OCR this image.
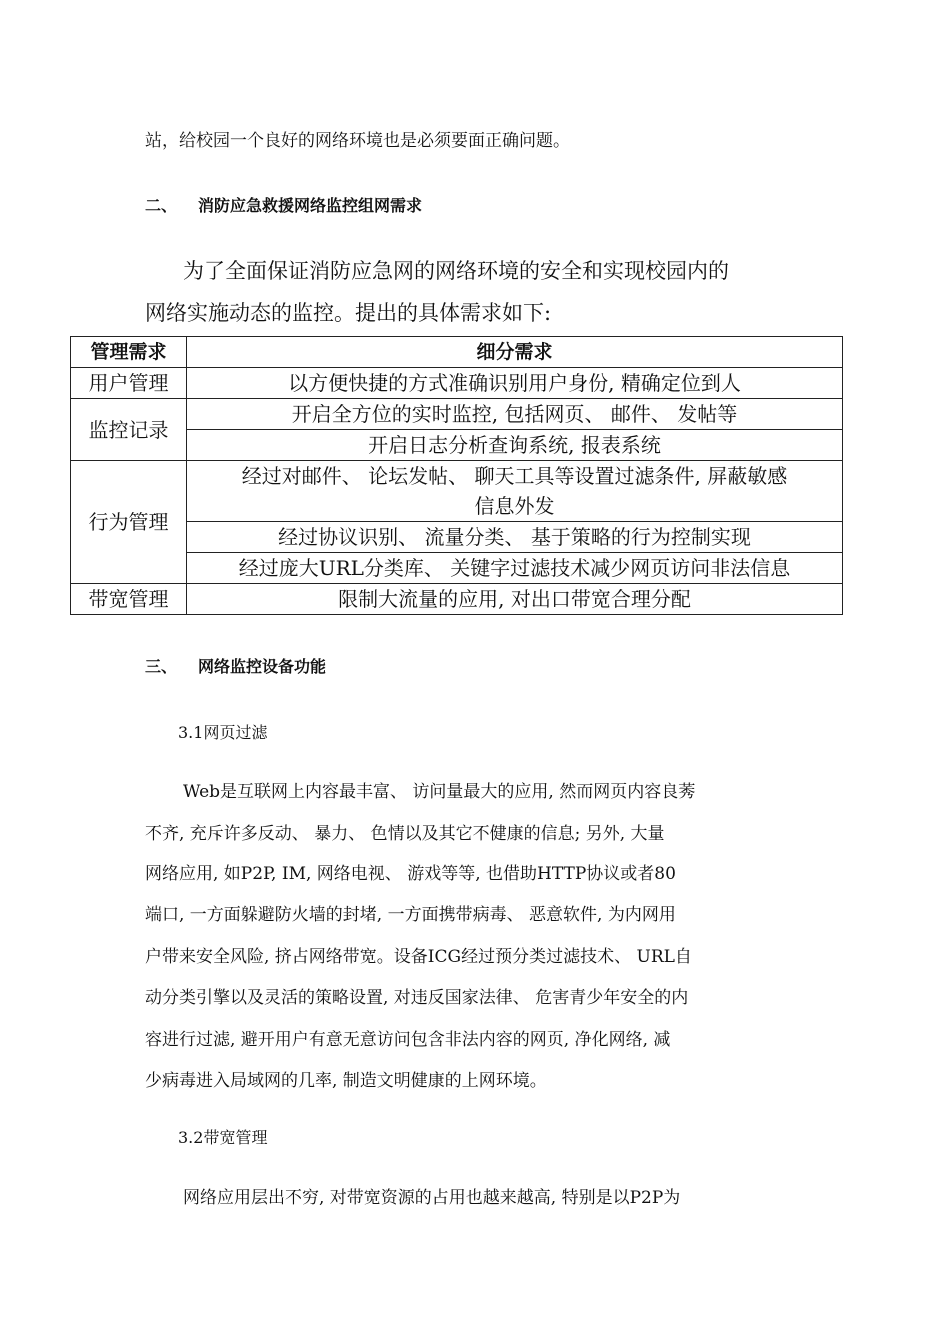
站，给校园一个良好的网络环境也是必须要面正确问题。
二、 消防应急救援网络监控组网需求
为了全面保证消防应急网的网络环境的安全和实现校园内的
网络实施动态的监控。提出的具体需求如下:
管理需求	细分需求
用户管理	以方便快捷的方式准确识别用户身份, 精确定位到人
监控记录	开启全方位的实时监控, 包括网页、 邮件、 发帖等
	开启日志分析查询系统, 报表系统
行为管理	经过对邮件、 论坛发帖、 聊天工具等设置过滤条件, 屏蔽敏感
信息外发

	经过协议识别、 流量分类、 基于策略的行为控制实现
	经过庞大URL分类库、 关键字过滤技术减少网页访问非法信息
带宽管理	限制大流量的应用, 对出口带宽合理分配
三、 网络监控设备功能
3.1网页过滤
Web是互联网上内容最丰富、 访问量最大的应用, 然而网页内容良莠
不齐, 充斥许多反动、 暴力、 色情以及其它不健康的信息; 另外, 大量
网络应用, 如P2P, IM, 网络电视、 游戏等等, 也借助HTTP协议或者80
端口, 一方面躲避防火墙的封堵, 一方面携带病毒、 恶意软件, 为内网用
户带来安全风险, 挤占网络带宽。设备ICG经过预分类过滤技术、 URL自
动分类引擎以及灵活的策略设置, 对违反国家法律、 危害青少年安全的内
容进行过滤, 避开用户有意无意访问包含非法内容的网页, 净化网络, 减
少病毒进入局域网的几率, 制造文明健康的上网环境。
3.2带宽管理
网络应用层出不穷, 对带宽资源的占用也越来越高, 特别是以P2P为
